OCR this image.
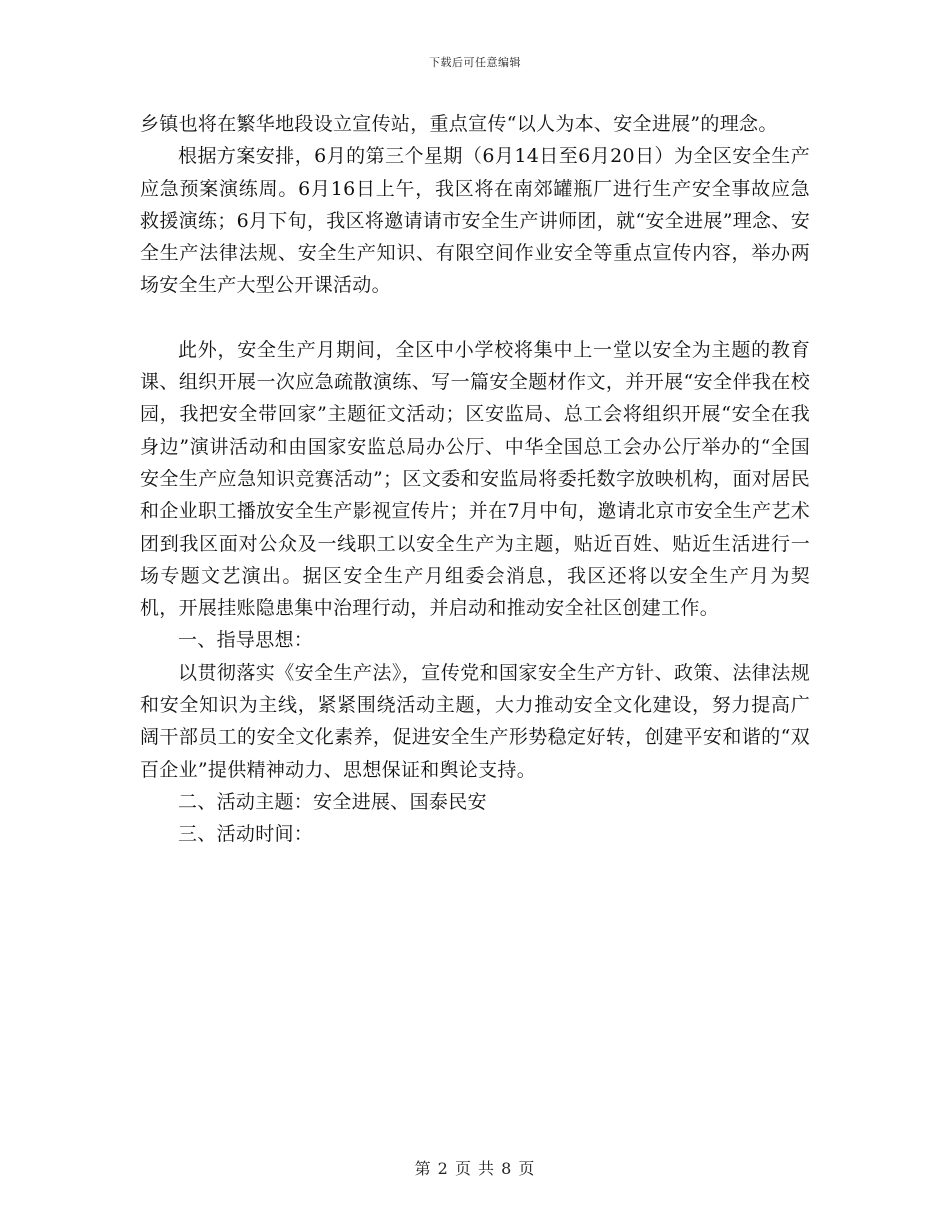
下载后可任意编辑

乡镇也将在繁华地段设立宣传站，重点宣传“以人为本、安全进展”的理念。

根据方案安排，6月的第三个星期（6月14日至6月20日）为全区安全生产应急预案演练周。6月16日上午，我区将在南郊罐瓶厂进行生产安全事故应急救援演练；6月下旬，我区将邀请请市安全生产讲师团，就“安全进展”理念、安全生产法律法规、安全生产知识、有限空间作业安全等重点宣传内容，举办两场安全生产大型公开课活动。

此外，安全生产月期间，全区中小学校将集中上一堂以安全为主题的教育课、组织开展一次应急疏散演练、写一篇安全题材作文，并开展“安全伴我在校园，我把安全带回家”主题征文活动；区安监局、总工会将组织开展“安全在我身边”演讲活动和由国家安监总局办公厅、中华全国总工会办公厅举办的“全国安全生产应急知识竞赛活动”；区文委和安监局将委托数字放映机构，面对居民和企业职工播放安全生产影视宣传片；并在7月中旬，邀请北京市安全生产艺术团到我区面对公众及一线职工以安全生产为主题，贴近百姓、贴近生活进行一场专题文艺演出。据区安全生产月组委会消息，我区还将以安全生产月为契机，开展挂账隐患集中治理行动，并启动和推动安全社区创建工作。

一、指导思想：

以贯彻落实《安全生产法》，宣传党和国家安全生产方针、政策、法律法规和安全知识为主线，紧紧围绕活动主题，大力推动安全文化建设，努力提高广阔干部员工的安全文化素养，促进安全生产形势稳定好转，创建平安和谐的“双百企业”提供精神动力、思想保证和舆论支持。

二、活动主题：安全进展、国泰民安

三、活动时间：

第 2 页 共 8 页
